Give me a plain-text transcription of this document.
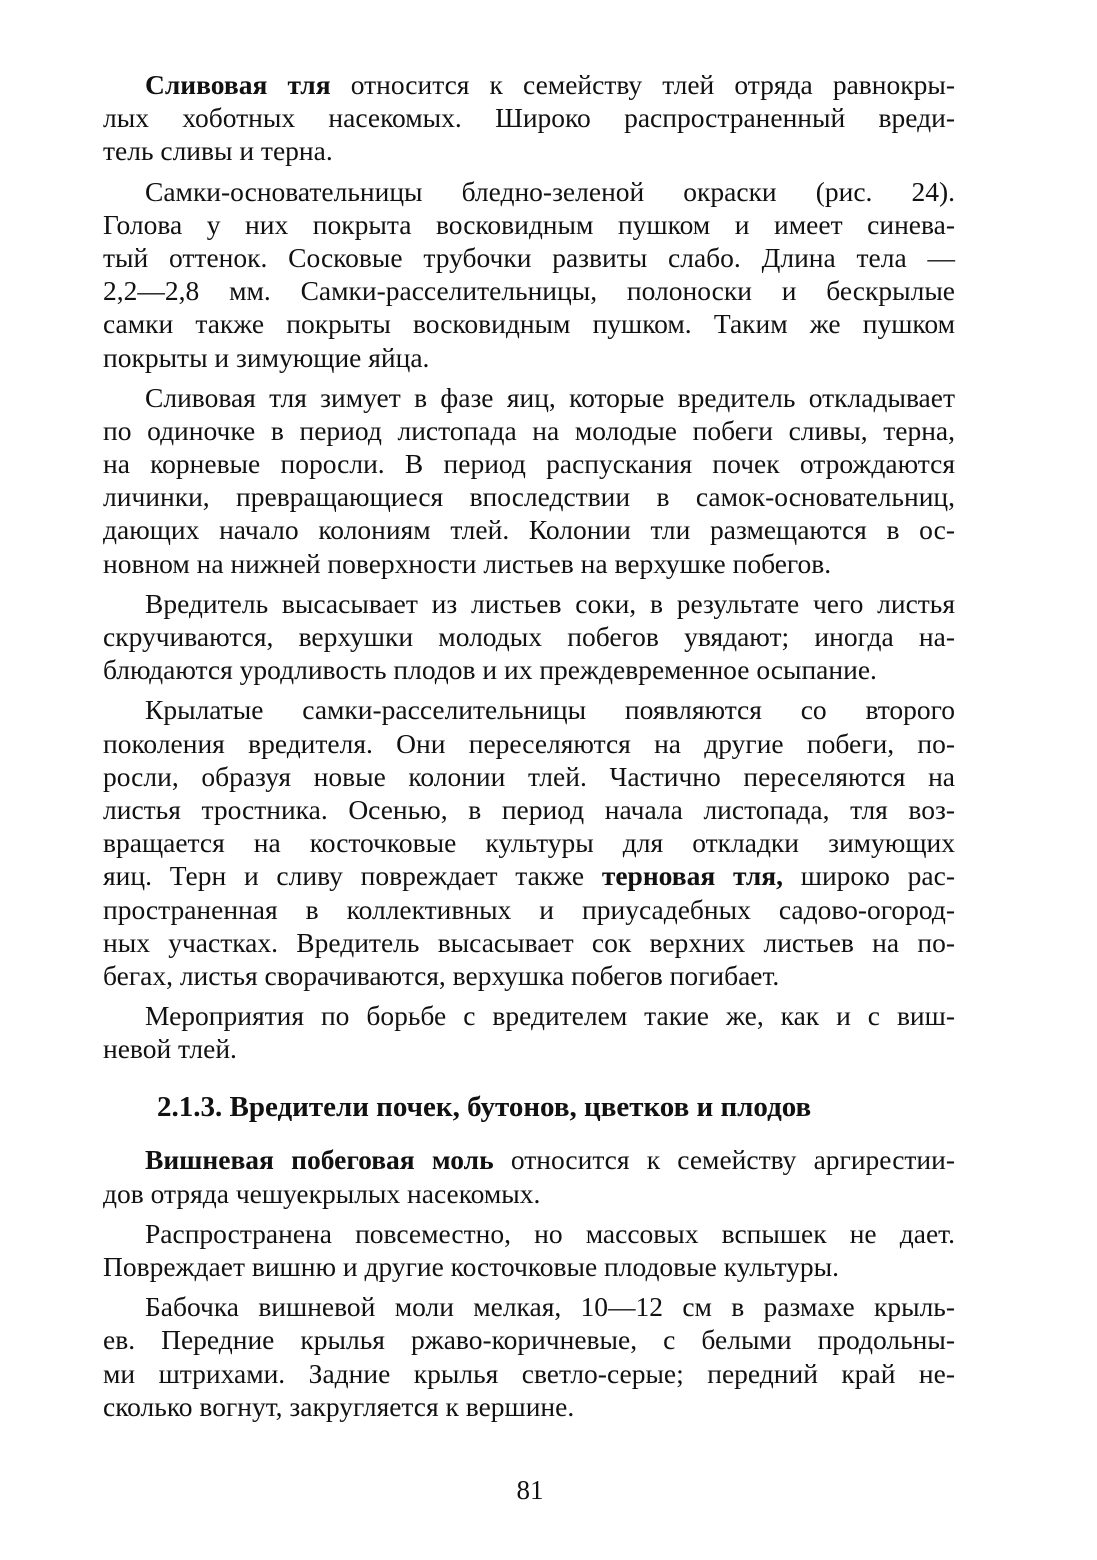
Сливовая тля относится к семейству тлей отряда равнокры-
лых хоботных насекомых. Широко распространенный вреди-
тель сливы и терна.
Самки-основательницы бледно-зеленой окраски (рис. 24).
Голова у них покрыта восковидным пушком и имеет синева-
тый оттенок. Сосковые трубочки развиты слабо. Длина тела —
2,2—2,8 мм. Самки-расселительницы, полоноски и бескрылые
самки также покрыты восковидным пушком. Таким же пушком
покрыты и зимующие яйца.
Сливовая тля зимует в фазе яиц, которые вредитель откладывает
по одиночке в период листопада на молодые побеги сливы, терна,
на корневые поросли. В период распускания почек отрождаются
личинки, превращающиеся впоследствии в самок-основательниц,
дающих начало колониям тлей. Колонии тли размещаются в ос-
новном на нижней поверхности листьев на верхушке побегов.
Вредитель высасывает из листьев соки, в результате чего листья
скручиваются, верхушки молодых побегов увядают; иногда на-
блюдаются уродливость плодов и их преждевременное осыпание.
Крылатые самки-расселительницы появляются со второго
поколения вредителя. Они переселяются на другие побеги, по-
росли, образуя новые колонии тлей. Частично переселяются на
листья тростника. Осенью, в период начала листопада, тля воз-
вращается на косточковые культуры для откладки зимующих
яиц. Терн и сливу повреждает также терновая тля, широко рас-
пространенная в коллективных и приусадебных садово-огород-
ных участках. Вредитель высасывает сок верхних листьев на по-
бегах, листья сворачиваются, верхушка побегов погибает.
Мероприятия по борьбе с вредителем такие же, как и с виш-
невой тлей.
2.1.3. Вредители почек, бутонов, цветков и плодов
Вишневая побеговая моль относится к семейству аргирестии-
дов отряда чешуекрылых насекомых.
Распространена повсеместно, но массовых вспышек не дает.
Повреждает вишню и другие косточковые плодовые культуры.
Бабочка вишневой моли мелкая, 10—12 см в размахе крыль-
ев. Передние крылья ржаво-коричневые, с белыми продольны-
ми штрихами. Задние крылья светло-серые; передний край не-
сколько вогнут, закругляется к вершине.
81
